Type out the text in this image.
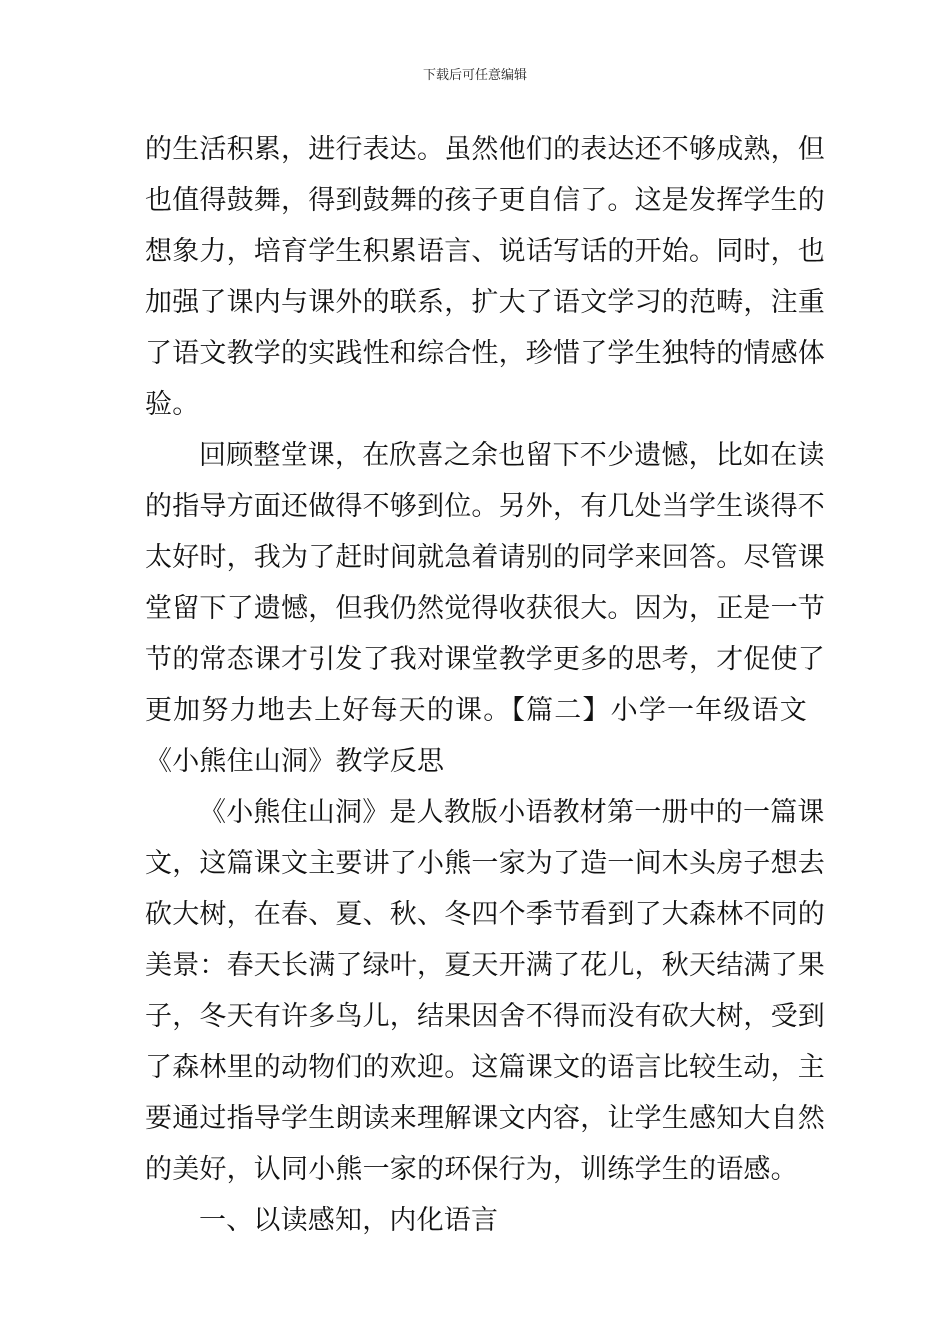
下载后可任意编辑
的生活积累，进行表达。虽然他们的表达还不够成熟，但
也值得鼓舞，得到鼓舞的孩子更自信了。这是发挥学生的
想象力，培育学生积累语言、说话写话的开始。同时，也
加强了课内与课外的联系，扩大了语文学习的范畴，注重
了语文教学的实践性和综合性，珍惜了学生独特的情感体
验。
回顾整堂课，在欣喜之余也留下不少遗憾，比如在读
的指导方面还做得不够到位。另外，有几处当学生谈得不
太好时，我为了赶时间就急着请别的同学来回答。尽管课
堂留下了遗憾，但我仍然觉得收获很大。因为，正是一节
节的常态课才引发了我对课堂教学更多的思考，才促使了
更加努力地去上好每天的课。【篇二】小学一年级语文
《小熊住山洞》教学反思
《小熊住山洞》是人教版小语教材第一册中的一篇课
文，这篇课文主要讲了小熊一家为了造一间木头房子想去
砍大树，在春、夏、秋、冬四个季节看到了大森林不同的
美景：春天长满了绿叶，夏天开满了花儿，秋天结满了果
子，冬天有许多鸟儿，结果因舍不得而没有砍大树，受到
了森林里的动物们的欢迎。这篇课文的语言比较生动，主
要通过指导学生朗读来理解课文内容，让学生感知大自然
的美好，认同小熊一家的环保行为，训练学生的语感。
一、以读感知，内化语言
